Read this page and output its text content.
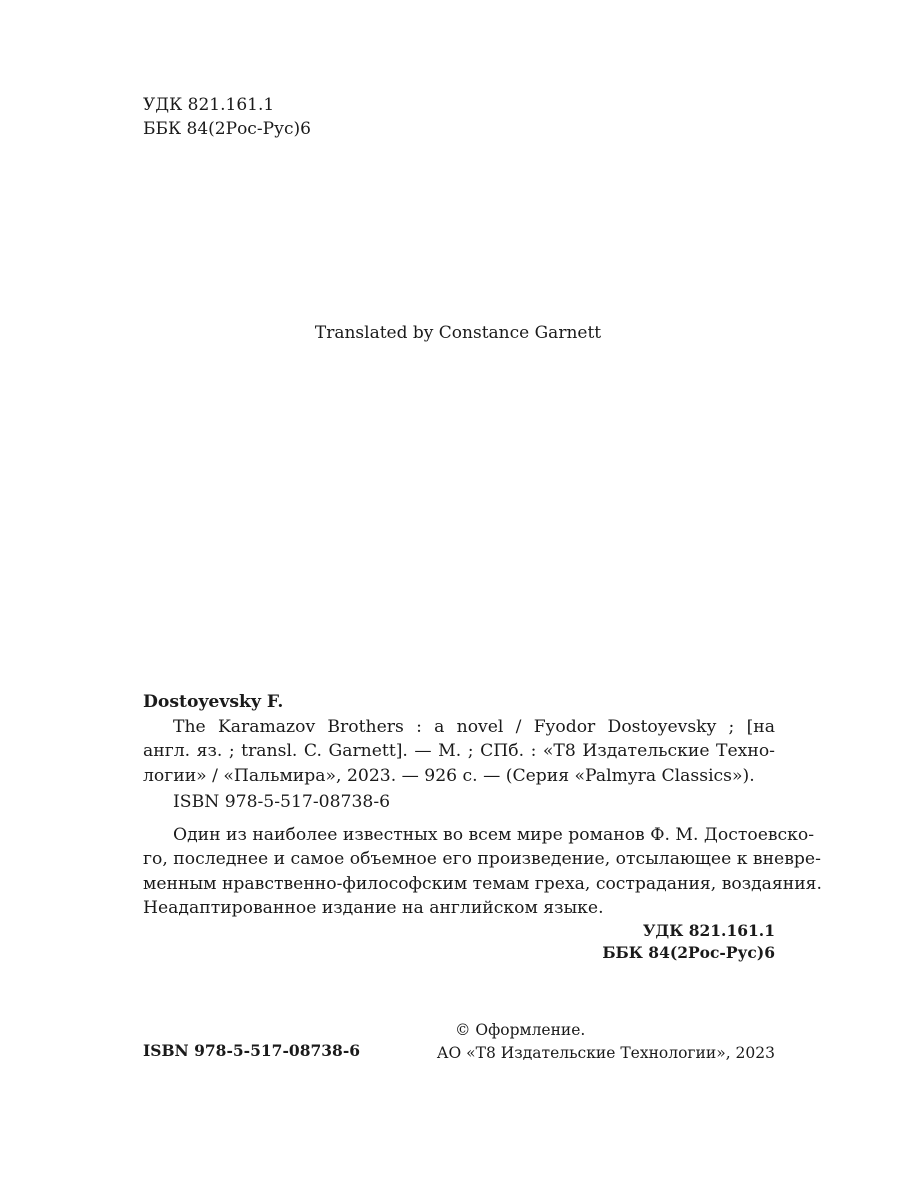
УДК 821.161.1
ББК 84(2Рос-Рус)6
Translated by Constance Garnett
Dostoyevsky F.
The Karamazov Brothers : a novel / Fyodor Dostoyevsky ; [на
англ. яз. ; transl. C. Garnett]. — М. ; СПб. : «Т8 Издательские Техно-
логии» / «Пальмира», 2023. — 926 с. — (Серия «Palmyra Classics»).
ISBN 978-5-517-08738-6
Один из наиболее известных во всем мире романов Ф. М. Достоевско-
го, последнее и самое объемное его произведение, отсылающее к вневре-
менным нравственно-философским темам греха, сострадания, воздаяния.
Неадаптированное издание на английском языке.
УДК 821.161.1
ББК 84(2Рос-Рус)6
ISBN 978-5-517-08738-6
© Оформление.
АО «Т8 Издательские Технологии», 2023
